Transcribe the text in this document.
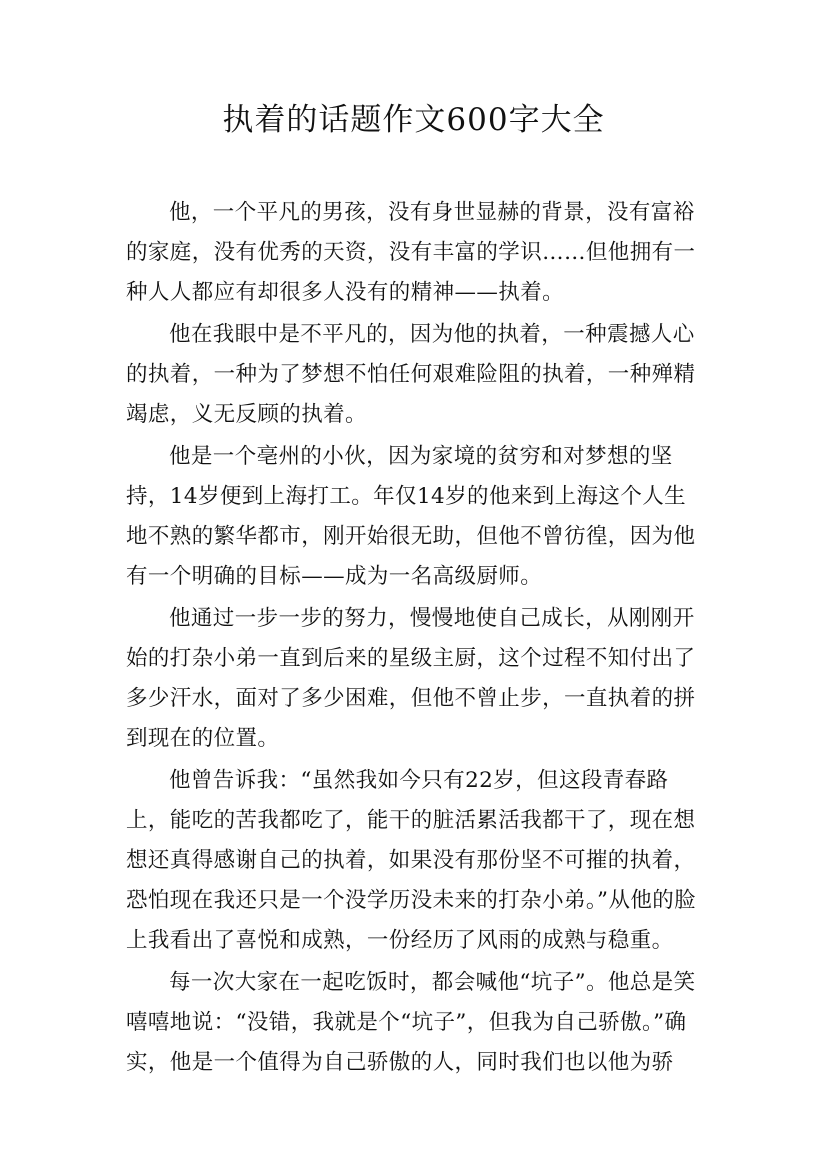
执着的话题作文600字大全

他，一个平凡的男孩，没有身世显赫的背景，没有富裕的家庭，没有优秀的天资，没有丰富的学识……但他拥有一种人人都应有却很多人没有的精神——执着。

他在我眼中是不平凡的，因为他的执着，一种震撼人心的执着，一种为了梦想不怕任何艰难险阻的执着，一种殚精竭虑，义无反顾的执着。

他是一个亳州的小伙，因为家境的贫穷和对梦想的坚持，14岁便到上海打工。年仅14岁的他来到上海这个人生地不熟的繁华都市，刚开始很无助，但他不曾彷徨，因为他有一个明确的目标——成为一名高级厨师。

他通过一步一步的努力，慢慢地使自己成长，从刚刚开始的打杂小弟一直到后来的星级主厨，这个过程不知付出了多少汗水，面对了多少困难，但他不曾止步，一直执着的拼到现在的位置。

他曾告诉我：“虽然我如今只有22岁，但这段青春路上，能吃的苦我都吃了，能干的脏活累活我都干了，现在想想还真得感谢自己的执着，如果没有那份坚不可摧的执着，恐怕现在我还只是一个没学历没未来的打杂小弟。”从他的脸上我看出了喜悦和成熟，一份经历了风雨的成熟与稳重。

每一次大家在一起吃饭时，都会喊他“坑子”。他总是笑嘻嘻地说：“没错，我就是个“坑子”，但我为自己骄傲。”确实，他是一个值得为自己骄傲的人，同时我们也以他为骄
